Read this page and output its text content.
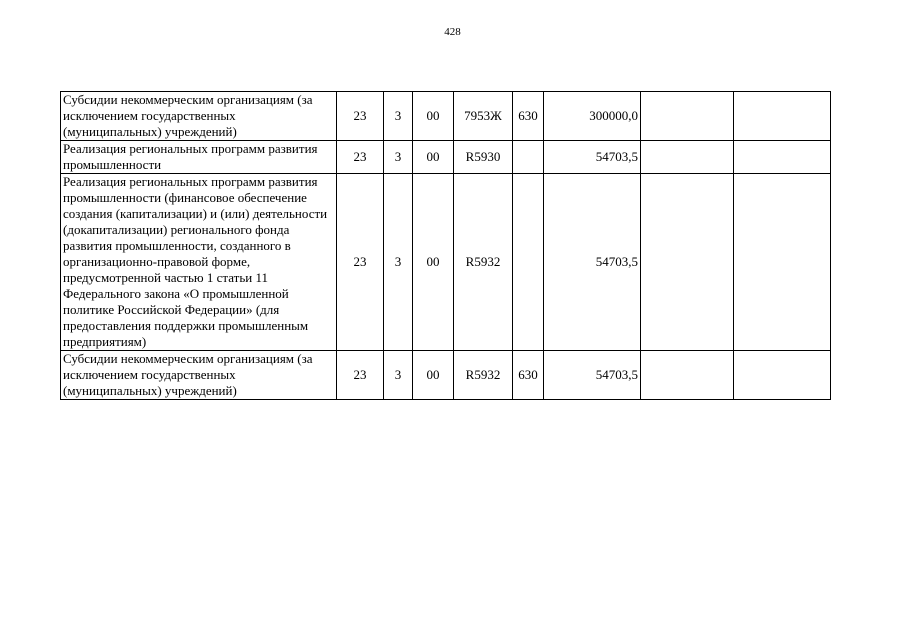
428
Субсидии некоммерческим организациям (за исключением государственных (муниципальных) учреждений)	23	3	00	7953Ж	630	300000,0		
Реализация региональных программ развития промышленности	23	3	00	R5930		54703,5		
Реализация региональных программ развития промышленности (финансовое обеспечение создания (капитализации) и (или) деятельности (докапитализации) регионального фонда развития промышленности, созданного в организационно-правовой форме, предусмотренной частью 1 статьи 11 Федерального закона «О промышленной политике Российской Федерации» (для предоставления поддержки промышленным предприятиям)	23	3	00	R5932		54703,5		
Субсидии некоммерческим организациям (за исключением государственных (муниципальных) учреждений)	23	3	00	R5932	630	54703,5		
